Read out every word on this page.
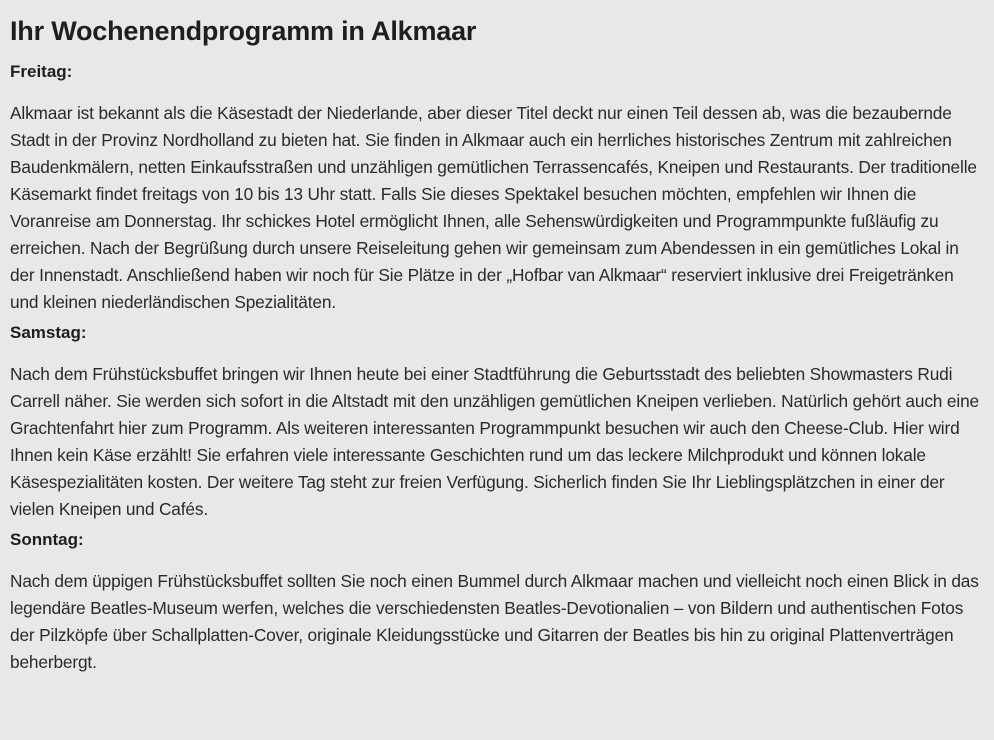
Ihr Wochenendprogramm in Alkmaar
Freitag:

Alkmaar ist bekannt als die Käsestadt der Niederlande, aber dieser Titel deckt nur einen Teil dessen ab, was die bezaubernde Stadt in der Provinz Nordholland zu bieten hat. Sie finden in Alkmaar auch ein herrliches historisches Zentrum mit zahlreichen Baudenkmälern, netten Einkaufsstraßen und unzähligen gemütlichen Terrassencafés, Kneipen und Restaurants. Der traditionelle Käsemarkt findet freitags von 10 bis 13 Uhr statt. Falls Sie dieses Spektakel besuchen möchten, empfehlen wir Ihnen die Voranreise am Donnerstag. Ihr schickes Hotel ermöglicht Ihnen, alle Sehenswürdigkeiten und Programmpunkte fußläufig zu erreichen. Nach der Begrüßung durch unsere Reiseleitung gehen wir gemeinsam zum Abendessen in ein gemütliches Lokal in der Innenstadt. Anschließend haben wir noch für Sie Plätze in der „Hofbar van Alkmaar“ reserviert inklusive drei Freigetränken und kleinen niederländischen Spezialitäten.

Samstag:

Nach dem Frühstücksbuffet bringen wir Ihnen heute bei einer Stadtführung die Geburtsstadt des beliebten Showmasters Rudi Carrell näher. Sie werden sich sofort in die Altstadt mit den unzähligen gemütlichen Kneipen verlieben. Natürlich gehört auch eine Grachtenfahrt hier zum Programm. Als weiteren interessanten Programmpunkt besuchen wir auch den Cheese-Club. Hier wird Ihnen kein Käse erzählt! Sie erfahren viele interessante Geschichten rund um das leckere Milchprodukt und können lokale Käsespezialitäten kosten. Der weitere Tag steht zur freien Verfügung. Sicherlich finden Sie Ihr Lieblingsplätzchen in einer der vielen Kneipen und Cafés.

Sonntag:

Nach dem üppigen Frühstücksbuffet sollten Sie noch einen Bummel durch Alkmaar machen und vielleicht noch einen Blick in das legendäre Beatles-Museum werfen, welches die verschiedensten Beatles-Devotionalien – von Bildern und authentischen Fotos der Pilzköpfe über Schallplatten-Cover, originale Kleidungsstücke und Gitarren der Beatles bis hin zu original Plattenverträgen beherbergt.
